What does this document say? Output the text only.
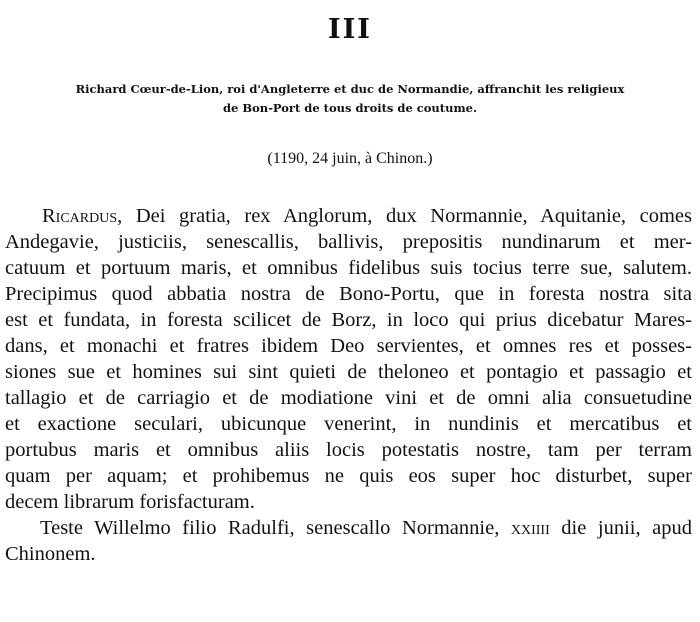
III
Richard Cœur-de-Lion, roi d'Angleterre et duc de Normandie, affranchit les religieux
de Bon-Port de tous droits de coutume.
(1190, 24 juin, à Chinon.)
Ricardus, Dei gratia, rex Anglorum, dux Normannie, Aquitanie, comes
Andegavie, justiciis, senescallis, ballivis, prepositis nundinarum et mer-
catuum et portuum maris, et omnibus fidelibus suis tocius terre sue, salutem.
Precipimus quod abbatia nostra de Bono-Portu, que in foresta nostra sita
est et fundata, in foresta scilicet de Borz, in loco qui prius dicebatur Mares-
dans, et monachi et fratres ibidem Deo servientes, et omnes res et posses-
siones sue et homines sui sint quieti de theloneo et pontagio et passagio et
tallagio et de carriagio et de modiatione vini et de omni alia consuetudine
et exactione seculari, ubicunque venerint, in nundinis et mercatibus et
portubus maris et omnibus aliis locis potestatis nostre, tam per terram
quam per aquam; et prohibemus ne quis eos super hoc disturbet, super
decem librarum forisfacturam.
Teste Willelmo filio Radulfi, senescallo Normannie, xxiiii die junii, apud
Chinonem.
